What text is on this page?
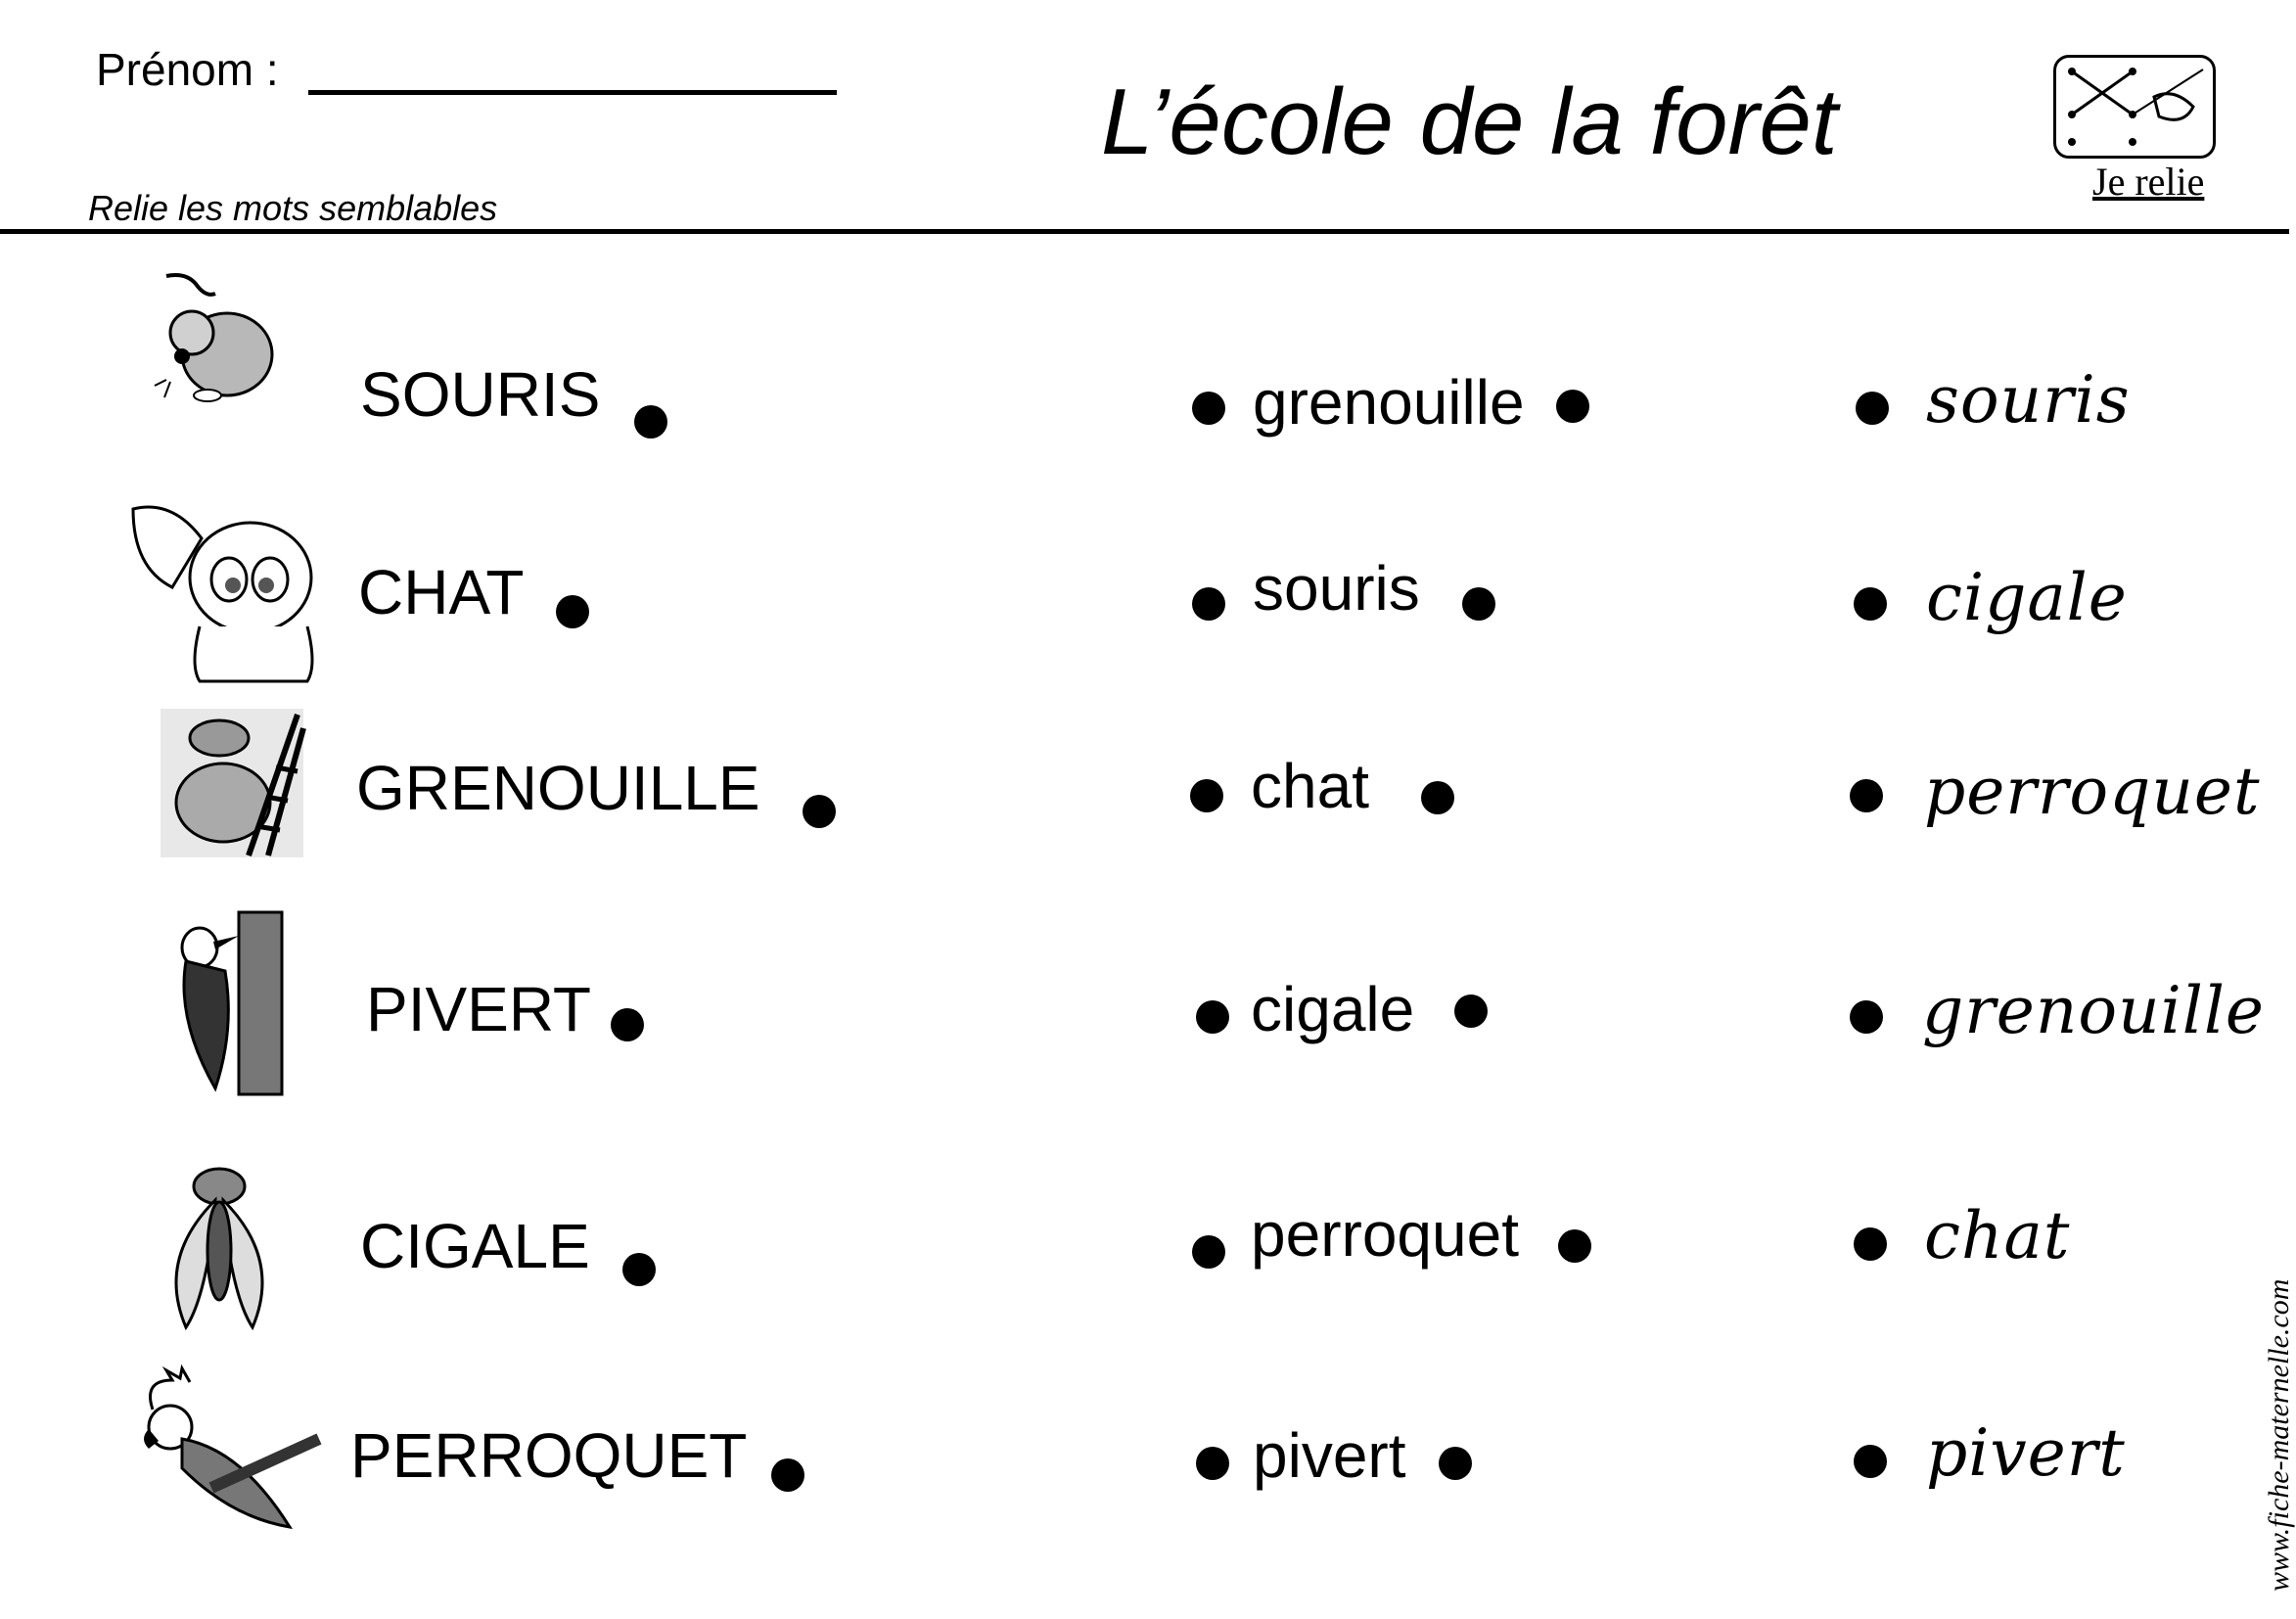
Prénom :	L’école de la forêt
Relie les mots semblables
Je relie
SOURIS
CHAT
GRENOUILLE
PIVERT
CIGALE
PERROQUET
grenouille
souris
chat
cigale
perroquet
pivert
souris
cigale
perroquet
grenouille
chat
pivert	www.fiche-maternelle.com
